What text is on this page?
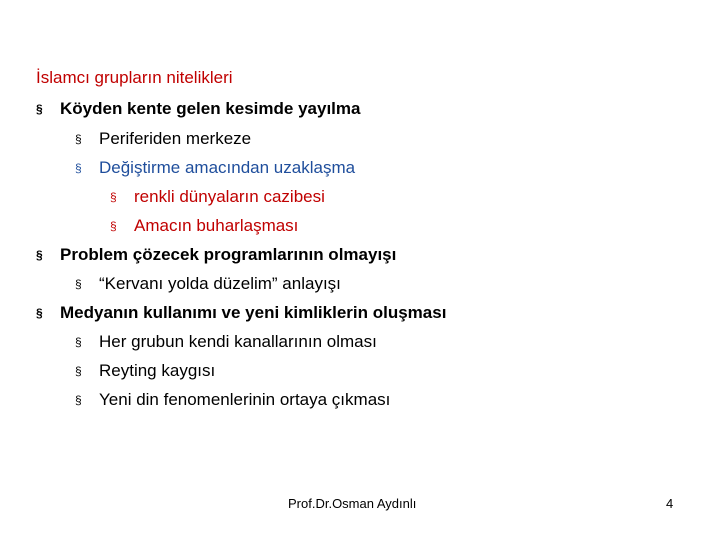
İslamcı grupların nitelikleri
§ Köyden kente gelen kesimde yayılma
§ Periferiden merkeze
§ Değiştirme amacından uzaklaşma
§ renkli dünyaların cazibesi
§ Amacın buharlaşması
§ Problem çözecek programlarının olmayışı
§ “Kervanı yolda düzelim” anlayışı
§ Medyanın kullanımı ve yeni kimliklerin oluşması
§ Her grubun kendi kanallarının olması
§ Reyting kaygısı
§ Yeni din fenomenlerinin ortaya çıkması
Prof.Dr.Osman Aydınlı	4
